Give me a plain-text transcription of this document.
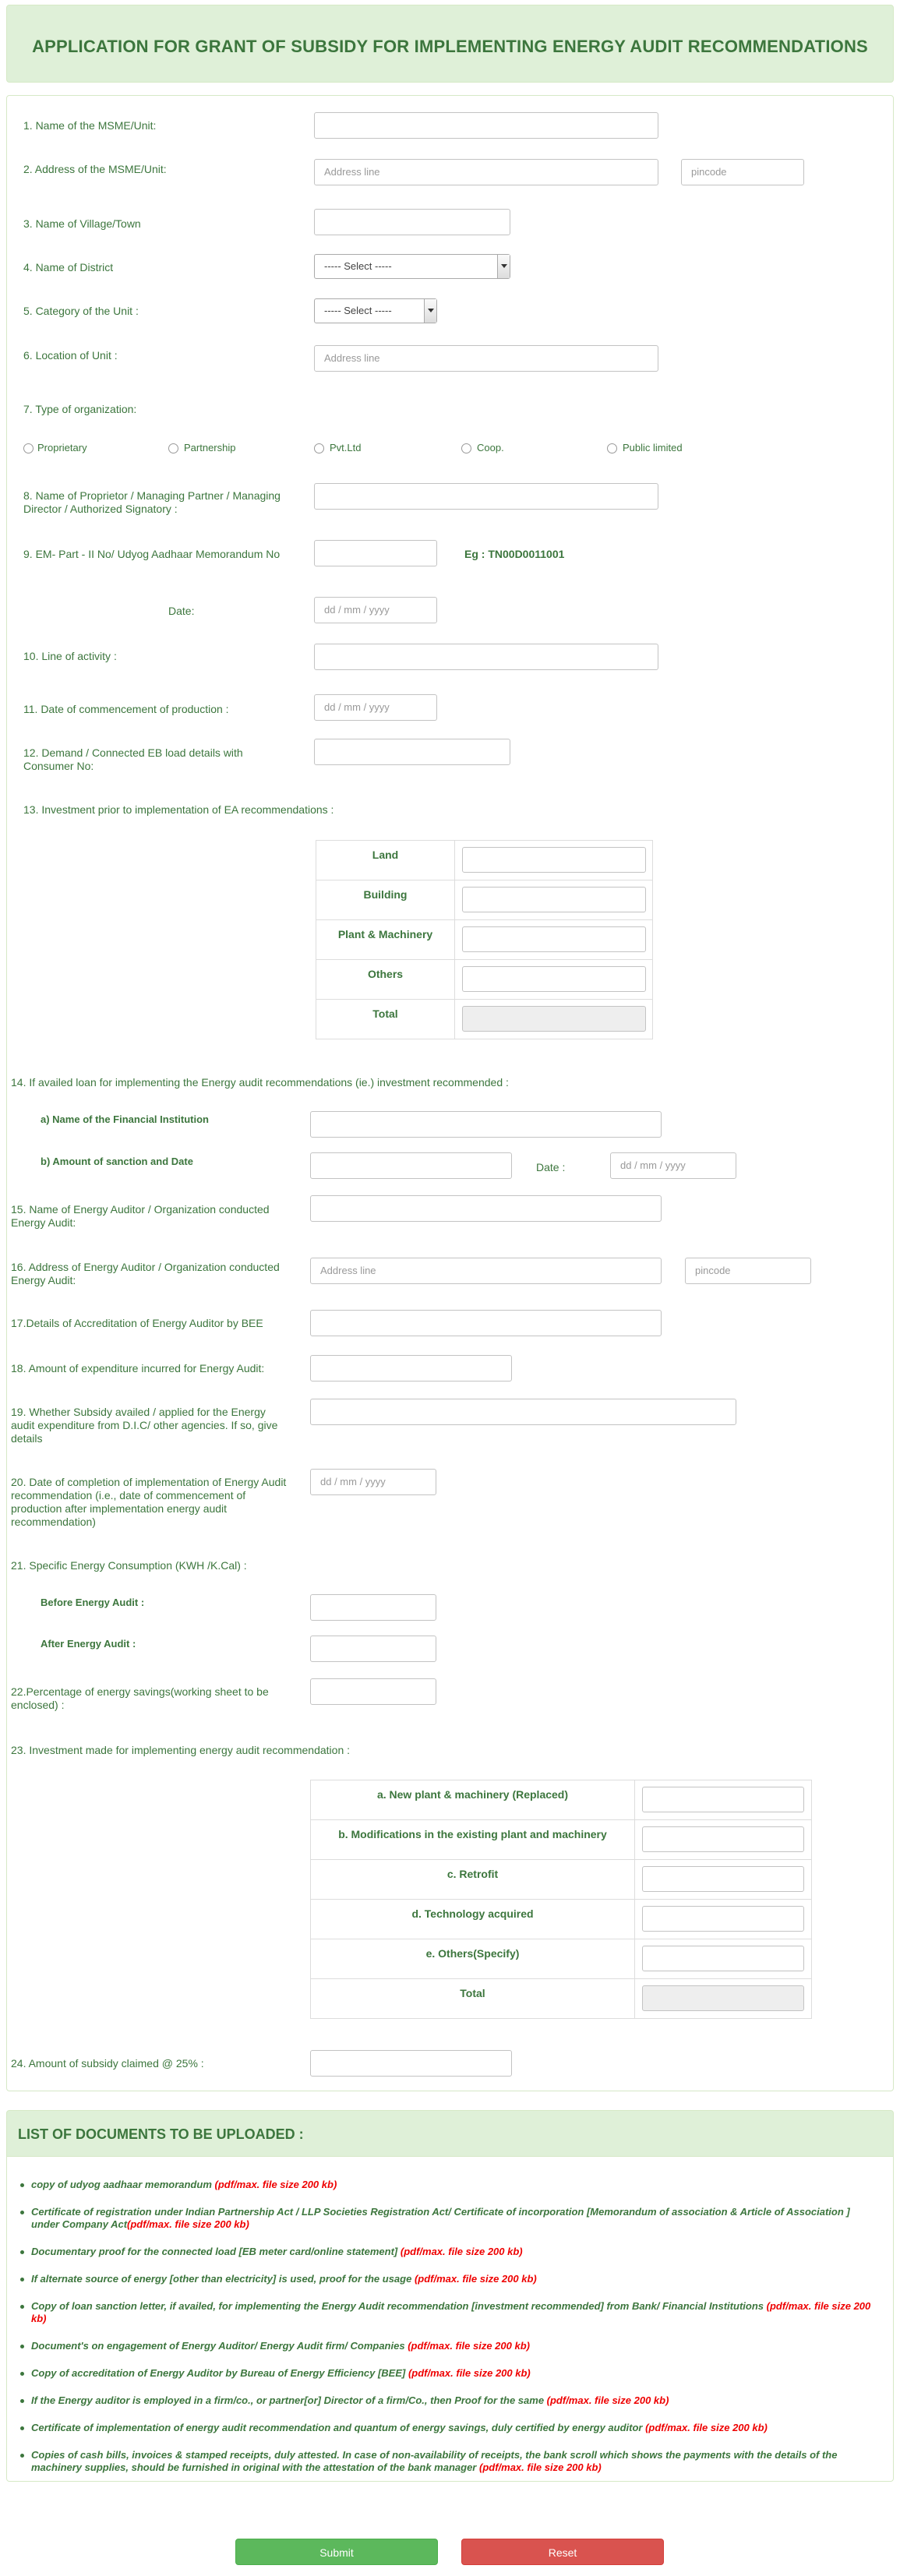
APPLICATION FOR GRANT OF SUBSIDY FOR IMPLEMENTING ENERGY AUDIT RECOMMENDATIONS
1. Name of the MSME/Unit:
2. Address of the MSME/Unit:	Address line	pincode
3. Name of Village/Town
4. Name of District	----- Select -----
5. Category of the Unit :	----- Select -----
6. Location of Unit :	Address line
7. Type of organization:
Proprietary	Partnership	Pvt.Ltd	Coop.	Public limited
8. Name of Proprietor / Managing Partner / Managing Director / Authorized Signatory :
9. EM- Part - II No/ Udyog Aadhaar Memorandum No	Eg : TN00D0011001
Date:	dd / mm / yyyy
10. Line of activity :
11. Date of commencement of production :	dd / mm / yyyy
12. Demand / Connected EB load details with Consumer No:
13. Investment prior to implementation of EA recommendations :
Land	

Building	

Plant & Machinery	

Others	

Total	
14. If availed loan for implementing the Energy audit recommendations (ie.) investment recommended :
a) Name of the Financial Institution
b) Amount of sanction and Date	Date :	dd / mm / yyyy
15. Name of Energy Auditor / Organization conducted Energy Audit:
16. Address of Energy Auditor / Organization conducted Energy Audit:
Address line	pincode
17.Details of Accreditation of Energy Auditor by BEE
18. Amount of expenditure incurred for Energy Audit:
19. Whether Subsidy availed / applied for the Energy audit expenditure from D.I.C/ other agencies. If so, give details
20. Date of completion of implementation of Energy Audit recommendation (i.e., date of commencement of production after implementation energy audit recommendation)
dd / mm / yyyy
21. Specific Energy Consumption (KWH /K.Cal) :
Before Energy Audit :
After Energy Audit :
22.Percentage of energy savings(working sheet to be enclosed) :
23. Investment made for implementing energy audit recommendation :
a. New plant & machinery (Replaced)	

b. Modifications in the existing plant and machinery	

c. Retrofit	

d. Technology acquired	

e. Others(Specify)	

Total	
24. Amount of subsidy claimed @ 25% :
LIST OF DOCUMENTS TO BE UPLOADED :
copy of udyog aadhaar memorandum (pdf/max. file size 200 kb)
Certificate of registration under Indian Partnership Act / LLP Societies Registration Act/ Certificate of incorporation [Memorandum of association & Article of Association ] under Company Act(pdf/max. file size 200 kb)
Documentary proof for the connected load [EB meter card/online statement] (pdf/max. file size 200 kb)
If alternate source of energy [other than electricity] is used, proof for the usage (pdf/max. file size 200 kb)
Copy of loan sanction letter, if availed, for implementing the Energy Audit recommendation [investment recommended] from Bank/ Financial Institutions (pdf/max. file size 200 kb)
Document's on engagement of Energy Auditor/ Energy Audit firm/ Companies (pdf/max. file size 200 kb)
Copy of accreditation of Energy Auditor by Bureau of Energy Efficiency [BEE] (pdf/max. file size 200 kb)
If the Energy auditor is employed in a firm/co., or partner[or] Director of a firm/Co., then Proof for the same (pdf/max. file size 200 kb)
Certificate of implementation of energy audit recommendation and quantum of energy savings, duly certified by energy auditor (pdf/max. file size 200 kb)
Copies of cash bills, invoices & stamped receipts, duly attested. In case of non-availability of receipts, the bank scroll which shows the payments with the details of the machinery supplies, should be furnished in original with the attestation of the bank manager (pdf/max. file size 200 kb)
Submit	Reset
